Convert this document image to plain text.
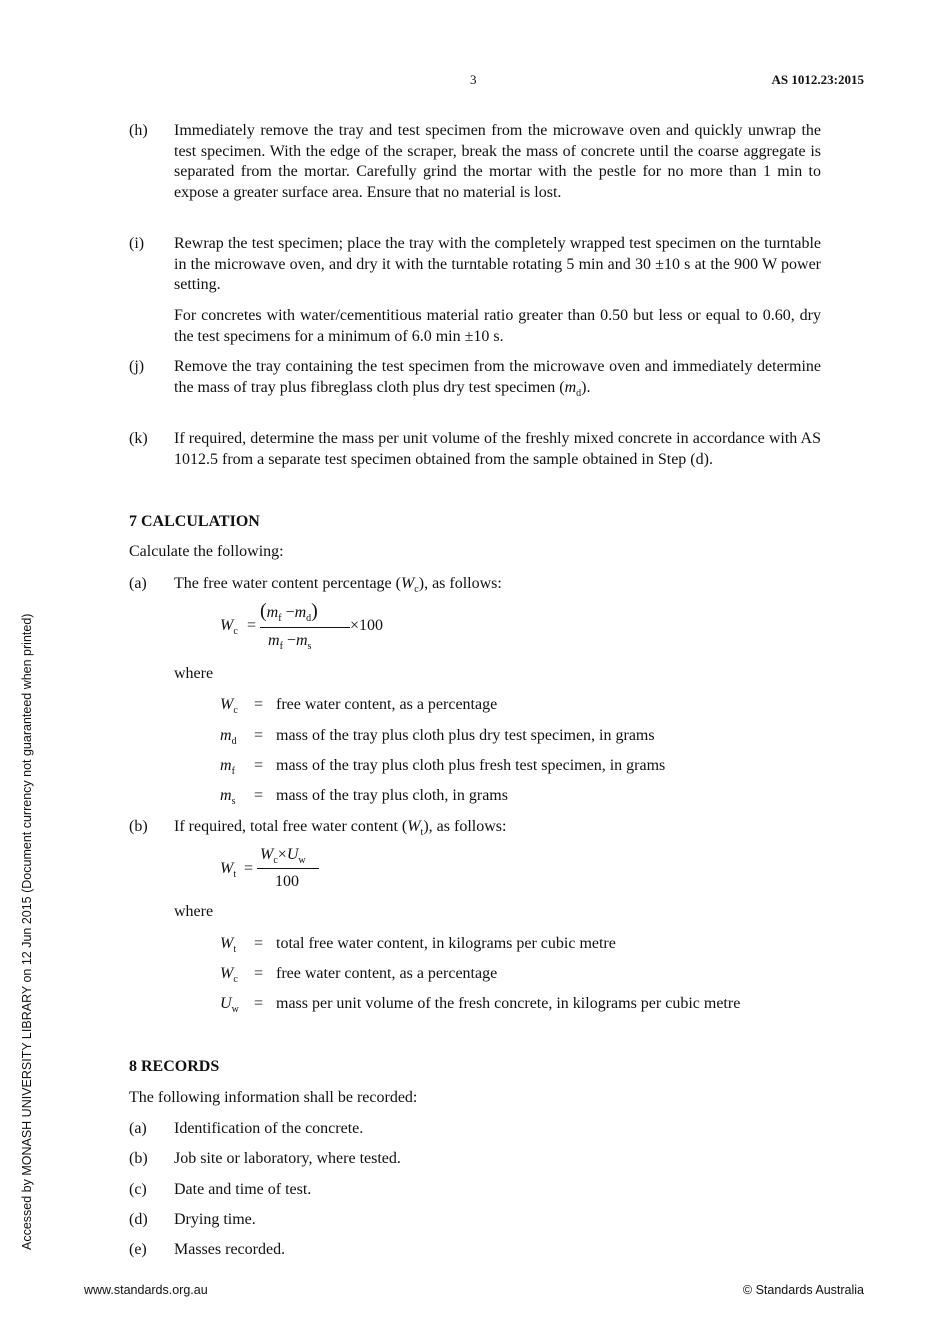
3	AS 1012.23:2015
Accessed by MONASH UNIVERSITY LIBRARY on 12 Jun 2015 (Document currency not guaranteed when printed)
(h) Immediately remove the tray and test specimen from the microwave oven and quickly unwrap the test specimen. With the edge of the scraper, break the mass of concrete until the coarse aggregate is separated from the mortar. Carefully grind the mortar with the pestle for no more than 1 min to expose a greater surface area. Ensure that no material is lost.
(i) Rewrap the test specimen; place the tray with the completely wrapped test specimen on the turntable in the microwave oven, and dry it with the turntable rotating 5 min and 30 ±10 s at the 900 W power setting.
For concretes with water/cementitious material ratio greater than 0.50 but less or equal to 0.60, dry the test specimens for a minimum of 6.0 min ±10 s.
(j) Remove the tray containing the test specimen from the microwave oven and immediately determine the mass of tray plus fibreglass cloth plus dry test specimen $(m_d)$.
(k) If required, determine the mass per unit volume of the freshly mixed concrete in accordance with AS 1012.5 from a separate test specimen obtained from the sample obtained in Step (d).
7 CALCULATION
Calculate the following:
(a) The free water content percentage $(W_c)$, as follows:
$W_c$ =
$(m_f -m_d)$
$m_f -m_s$
×100
where
$W_c$ = free water content, as a percentage
$m_d$ = mass of the tray plus cloth plus dry test specimen, in grams
$m_f$ = mass of the tray plus cloth plus fresh test specimen, in grams
$m_s$ = mass of the tray plus cloth, in grams
(b) If required, total free water content $(W_t)$, as follows:
$W_t$ =
$W_c\times U_w$
100
where
$W_t$ = total free water content, in kilograms per cubic metre
$W_c$ = free water content, as a percentage
$U_w$ = mass per unit volume of the fresh concrete, in kilograms per cubic metre
8 RECORDS
The following information shall be recorded:
(a) Identification of the concrete.
(b) Job site or laboratory, where tested.
(c) Date and time of test.
(d) Drying time.
(e) Masses recorded.
www.standards.org.au	© Standards Australia
